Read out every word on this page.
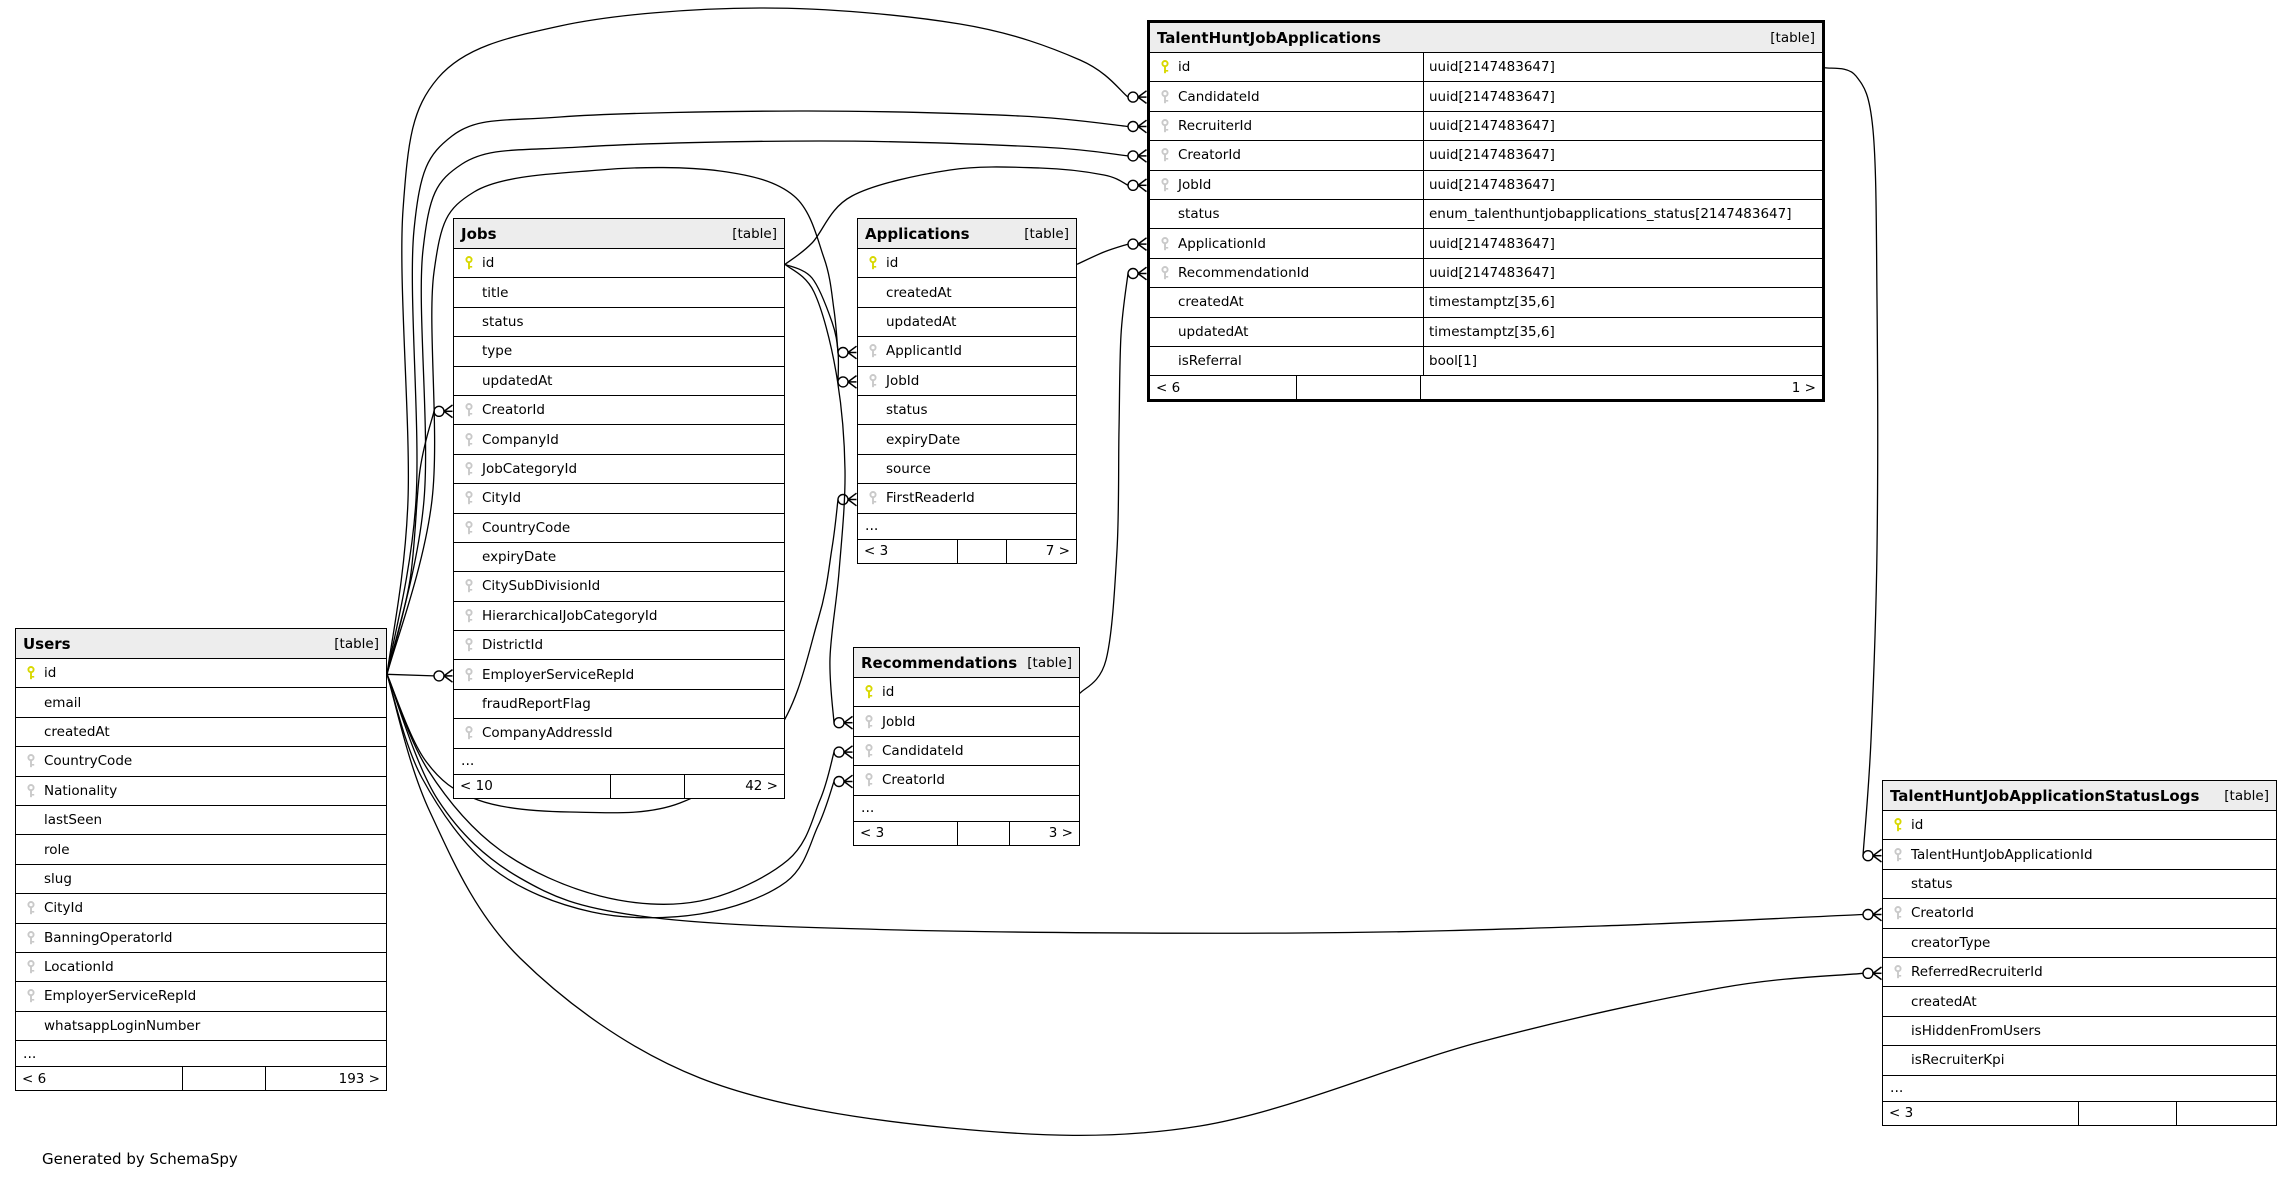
Generated by SchemaSpy
Users	[table]
id
email
createdAt
CountryCode
Nationality
lastSeen
role
slug
CityId
BanningOperatorId
LocationId
EmployerServiceRepId
whatsappLoginNumber
...
< 6	193 >
Jobs	[table]
id
title
status
type
updatedAt
CreatorId
CompanyId
JobCategoryId
CityId
CountryCode
expiryDate
CitySubDivisionId
HierarchicalJobCategoryId
DistrictId
EmployerServiceRepId
fraudReportFlag
CompanyAddressId
...
< 10	42 >
Applications	[table]
id
createdAt
updatedAt
ApplicantId
JobId
status
expiryDate
source
FirstReaderId
...
< 3	7 >
Recommendations [table]
id
JobId
CandidateId
CreatorId
...
< 3	3 >
TalentHuntJobApplications	[table]
id	uuid[2147483647]
CandidateId	uuid[2147483647]
RecruiterId	uuid[2147483647]
CreatorId	uuid[2147483647]
JobId	uuid[2147483647]
status	enum_talenthuntjobapplications_status[2147483647]
ApplicationId	uuid[2147483647]
RecommendationId	uuid[2147483647]
createdAt	timestamptz[35,6]
updatedAt	timestamptz[35,6]
isReferral	bool[1]
< 6	1 >
TalentHuntJobApplicationStatusLogs [table]
id
TalentHuntJobApplicationId
status
CreatorId
creatorType
ReferredRecruiterId
createdAt
isHiddenFromUsers
isRecruiterKpi
...
< 3
